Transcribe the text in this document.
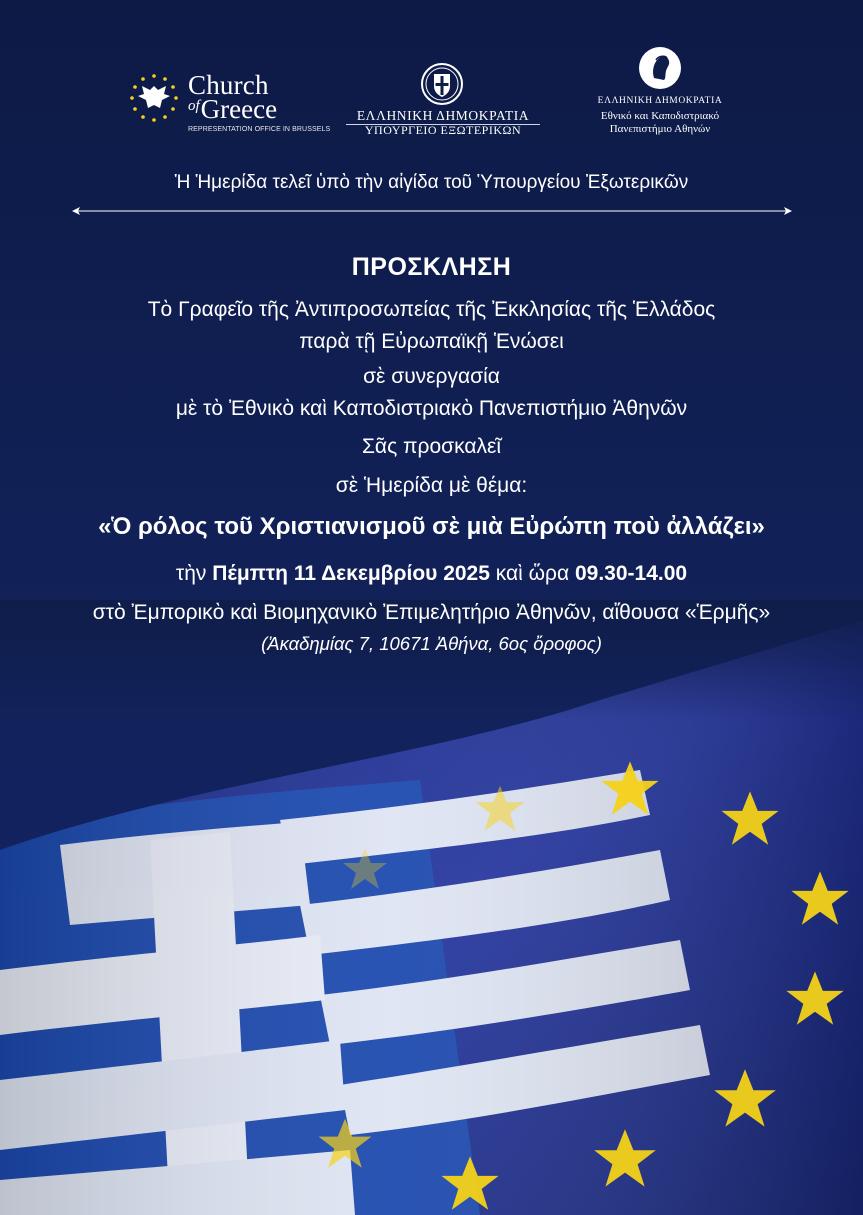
Church
$^{of}$Greece
REPRESENTATION OFFICE IN BRUSSELS
ΕΛΛΗΝΙΚΗ ΔΗΜΟΚΡΑΤΙΑ
ΥΠΟΥΡΓΕΙΟ ΕΞΩΤΕΡΙΚΩΝ
ΕΛΛΗΝΙΚΗ ΔΗΜΟΚΡΑΤΙΑ
Εθνικό και Καποδιστριακό
Πανεπιστήμιο Αθηνών
Ἡ Ἡμερίδα τελεῖ ὑπὸ τὴν αἰγίδα τοῦ Ὑπουργείου Ἐξωτερικῶν
ΠΡΟΣΚΛΗΣΗ
Τὸ Γραφεῖο τῆς Ἀντιπροσωπείας τῆς Ἐκκλησίας τῆς Ἑλλάδος
παρὰ τῇ Εὐρωπαϊκῇ Ἑνώσει
σὲ συνεργασία
μὲ τὸ Ἐθνικὸ καὶ Καποδιστριακὸ Πανεπιστήμιο Ἀθηνῶν
Σᾶς προσκαλεῖ
σὲ Ἡμερίδα μὲ θέμα:
«Ὁ ρόλος τοῦ Χριστιανισμοῦ σὲ μιὰ Εὐρώπη ποὺ ἀλλάζει»
τὴν Πέμπτη 11 Δεκεμβρίου 2025 καὶ ὥρα 09.30-14.00
στὸ Ἐμπορικὸ καὶ Βιομηχανικὸ Ἐπιμελητήριο Ἀθηνῶν, αἴθουσα «Ἑρμῆς»
(Ἀκαδημίας 7, 10671 Ἀθήνα, 6ος ὄροφος)
